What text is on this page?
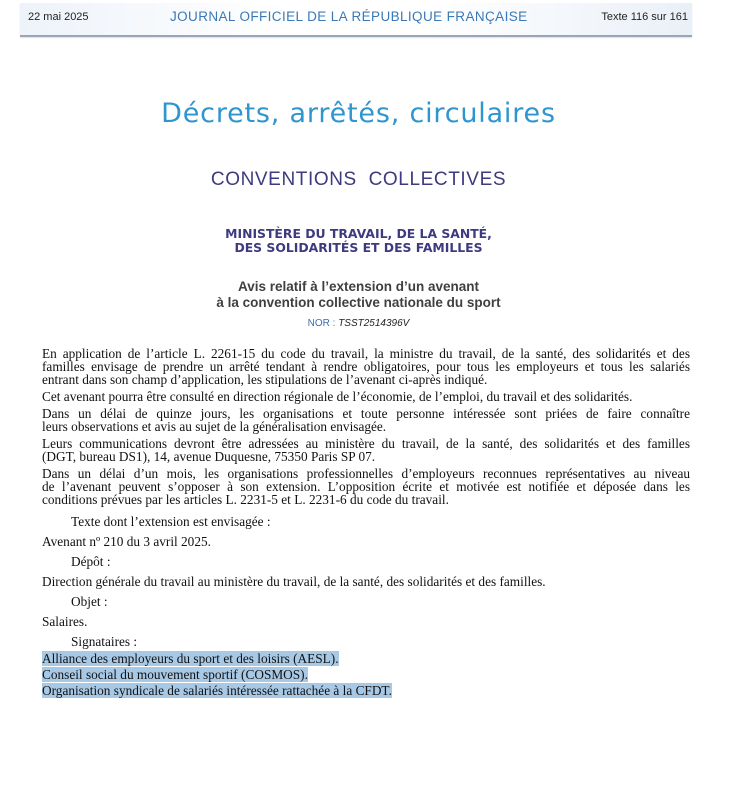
22 mai 2025	JOURNAL OFFICIEL DE LA RÉPUBLIQUE FRANÇAISE	Texte 116 sur 161
Décrets, arrêtés, circulaires
CONVENTIONS  COLLECTIVES
MINISTÈRE DU TRAVAIL, DE LA SANTÉ,
DES SOLIDARITÉS ET DES FAMILLES
Avis relatif à l’extension d’un avenant
à la convention collective nationale du sport
NOR : TSST2514396V
En application de l’article L. 2261-15 du code du travail, la ministre du travail, de la santé, des solidarités et des
familles envisage de prendre un arrêté tendant à rendre obligatoires, pour tous les employeurs et tous les salariés
entrant dans son champ d’application, les stipulations de l’avenant ci-après indiqué.
Cet avenant pourra être consulté en direction régionale de l’économie, de l’emploi, du travail et des solidarités.
Dans un délai de quinze jours, les organisations et toute personne intéressée sont priées de faire connaître
leurs observations et avis au sujet de la généralisation envisagée.
Leurs communications devront être adressées au ministère du travail, de la santé, des solidarités et des familles
(DGT, bureau DS1), 14, avenue Duquesne, 75350 Paris SP 07.
Dans un délai d’un mois, les organisations professionnelles d’employeurs reconnues représentatives au niveau
de l’avenant peuvent s’opposer à son extension. L’opposition écrite et motivée est notifiée et déposée dans les
conditions prévues par les articles L. 2231-5 et L. 2231-6 du code du travail.
Texte dont l’extension est envisagée :
Avenant nº 210 du 3 avril 2025.
Dépôt :
Direction générale du travail au ministère du travail, de la santé, des solidarités et des familles.
Objet :
Salaires.
Signataires :
Alliance des employeurs du sport et des loisirs (AESL).
Conseil social du mouvement sportif (COSMOS).
Organisation syndicale de salariés intéressée rattachée à la CFDT.
